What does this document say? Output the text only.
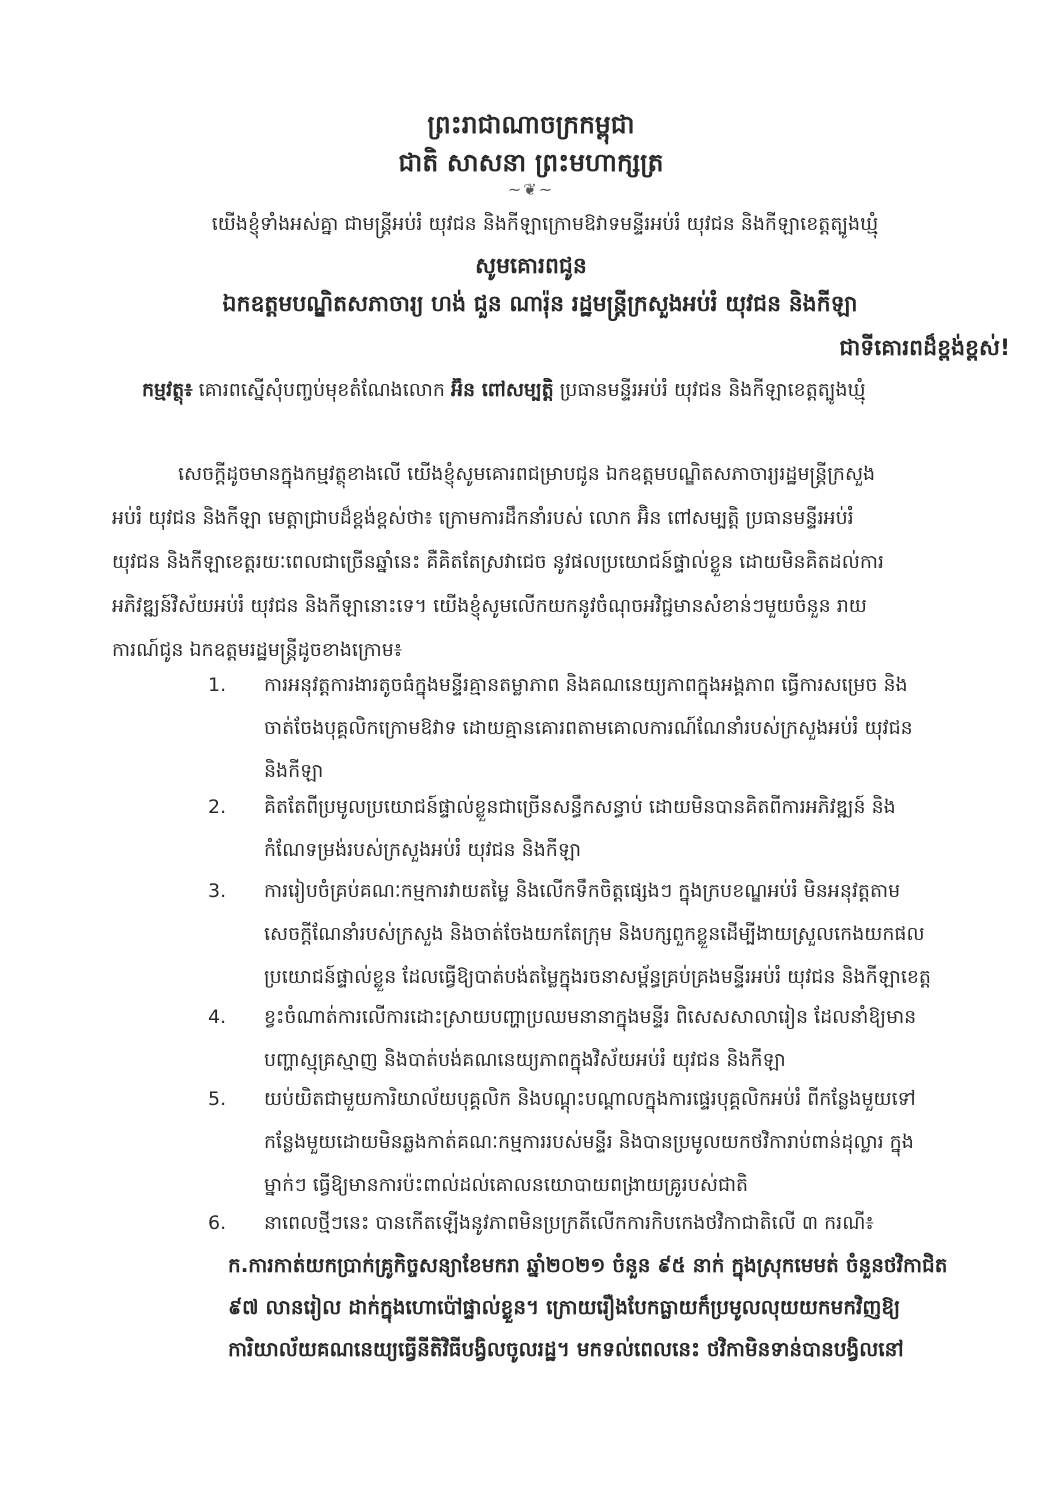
ព្រះរាជាណាចក្រកម្ពុជា
ជាតិ សាសនា ព្រះមហាក្សត្រ
~❦~
យើងខ្ញុំទាំងអស់គ្នា ជាមន្ត្រីអប់រំ យុវជន និងកីឡាក្រោមឱវាទមន្ទីរអប់រំ យុវជន និងកីឡាខេត្តត្បូងឃ្មុំ
សូមគោរពជូន
ឯកឧត្តមបណ្ឌិតសភាចារ្យ ហង់ ជួន ណារ៉ុន រដ្ឋមន្ត្រីក្រសួងអប់រំ យុវជន និងកីឡា
ជាទីគោរពដ៏ខ្ពង់ខ្ពស់!
កម្មវត្ថុ៖ គោរពស្នើសុំបញ្ចប់មុខតំណែងលោក អ៊ិន ពៅសម្បត្តិ ប្រធានមន្ទីរអប់រំ យុវជន និងកីឡាខេត្តត្បូងឃ្មុំ
សេចក្ដីដូចមានក្នុងកម្មវត្ថុខាងលើ យើងខ្ញុំសូមគោរពជម្រាបជូន ឯកឧត្តមបណ្ឌិតសភាចារ្យរដ្ឋមន្ត្រីក្រសួង
អប់រំ យុវជន និងកីឡា មេត្តាជ្រាបដ៏ខ្ពង់ខ្ពស់ថា៖ ក្រោមការដឹកនាំរបស់ លោក អ៊ិន ពៅសម្បត្តិ ប្រធានមន្ទីរអប់រំ
យុវជន និងកីឡាខេត្តរយៈពេលជាច្រើនឆ្នាំនេះ គឺគិតតែស្រវាជេច នូវផលប្រយោជន៍ផ្ទាល់ខ្លួន ដោយមិនគិតដល់ការ
អភិវឌ្ឍន៍វិស័យអប់រំ យុវជន និងកីឡានោះទេ។ យើងខ្ញុំសូមលើកយកនូវចំណុចអវិជ្ជមានសំខាន់ៗមួយចំនួន រាយ
ការណ៍ជូន ឯកឧត្តមរដ្ឋមន្ត្រីដូចខាងក្រោម៖
1.	ការអនុវត្តការងារតូចធំក្នុងមន្ទីរគ្មានតម្លាភាព និងគណនេយ្យភាពក្នុងអង្គភាព ធ្វើការសម្រេច និង
ចាត់ចែងបុគ្គលិកក្រោមឱវាទ ដោយគ្មានគោរពតាមគោលការណ៍ណែនាំរបស់ក្រសួងអប់រំ យុវជន
និងកីឡា
2.	គិតតែពីប្រមូលប្រយោជន៍ផ្ទាល់ខ្លួនជាច្រើនសន្ធឹកសន្ធាប់ ដោយមិនបានគិតពីការអភិវឌ្ឍន៍ និង
កំណែទម្រង់របស់ក្រសួងអប់រំ យុវជន និងកីឡា
3.	ការរៀបចំគ្រប់គណៈកម្មការវាយតម្លៃ និងលើកទឹកចិត្តផ្សេងៗ ក្នុងក្របខណ្ឌអប់រំ មិនអនុវត្តតាម
សេចក្ដីណែនាំរបស់ក្រសួង និងចាត់ចែងយកតែក្រុម និងបក្សពួកខ្លួនដើម្បីងាយស្រួលកេងយកផល
ប្រយោជន៍ផ្ទាល់ខ្លួន ដែលធ្វើឱ្យបាត់បង់តម្លៃក្នុងរចនាសម្ព័ន្ធគ្រប់គ្រងមន្ទីរអប់រំ យុវជន និងកីឡាខេត្ត
4.	ខ្វះចំណាត់ការលើការដោះស្រាយបញ្ហាប្រឈមនានាក្នុងមន្ទីរ ពិសេសសាលារៀន ដែលនាំឱ្យមាន
បញ្ហាស្មុគ្រស្មាញ និងបាត់បង់គណនេយ្យភាពក្នុងវិស័យអប់រំ យុវជន និងកីឡា
5.	យប់យិតជាមួយការិយាល័យបុគ្គលិក និងបណ្ដុះបណ្ដាលក្នុងការផ្ទេរបុគ្គលិកអប់រំ ពីកន្លែងមួយទៅ
កន្លែងមួយដោយមិនឆ្លងកាត់គណៈកម្មការរបស់មន្ទីរ និងបានប្រមូលយកថវិការាប់ពាន់ដុល្លារ ក្នុង
ម្នាក់ៗ ធ្វើឱ្យមានការប៉ះពាល់ដល់គោលនយោបាយពង្រាយគ្រូរបស់ជាតិ
6.	នាពេលថ្មីៗនេះ បានកើតឡើងនូវភាពមិនប្រក្រតីលើកការកិបកេងថវិកាជាតិលើ ៣ ករណី៖
ក.ការកាត់យកប្រាក់គ្រូកិច្ចសន្យាខែមករា ឆ្នាំ២០២១ ចំនួន ៩៥ នាក់ ក្នុងស្រុកមេមត់ ចំនួនថវិកាជិត
៩៧ លានរៀល ដាក់ក្នុងហោប៉ៅផ្ទាល់ខ្លួន។ ក្រោយរឿងបែកធ្លាយក៏ប្រមូលលុយយកមកវិញឱ្យ
ការិយាល័យគណនេយ្យធ្វើនីតិវិធីបង្វិលចូលរដ្ឋ។ មកទល់ពេលនេះ ថវិកាមិនទាន់បានបង្វិលនៅ
